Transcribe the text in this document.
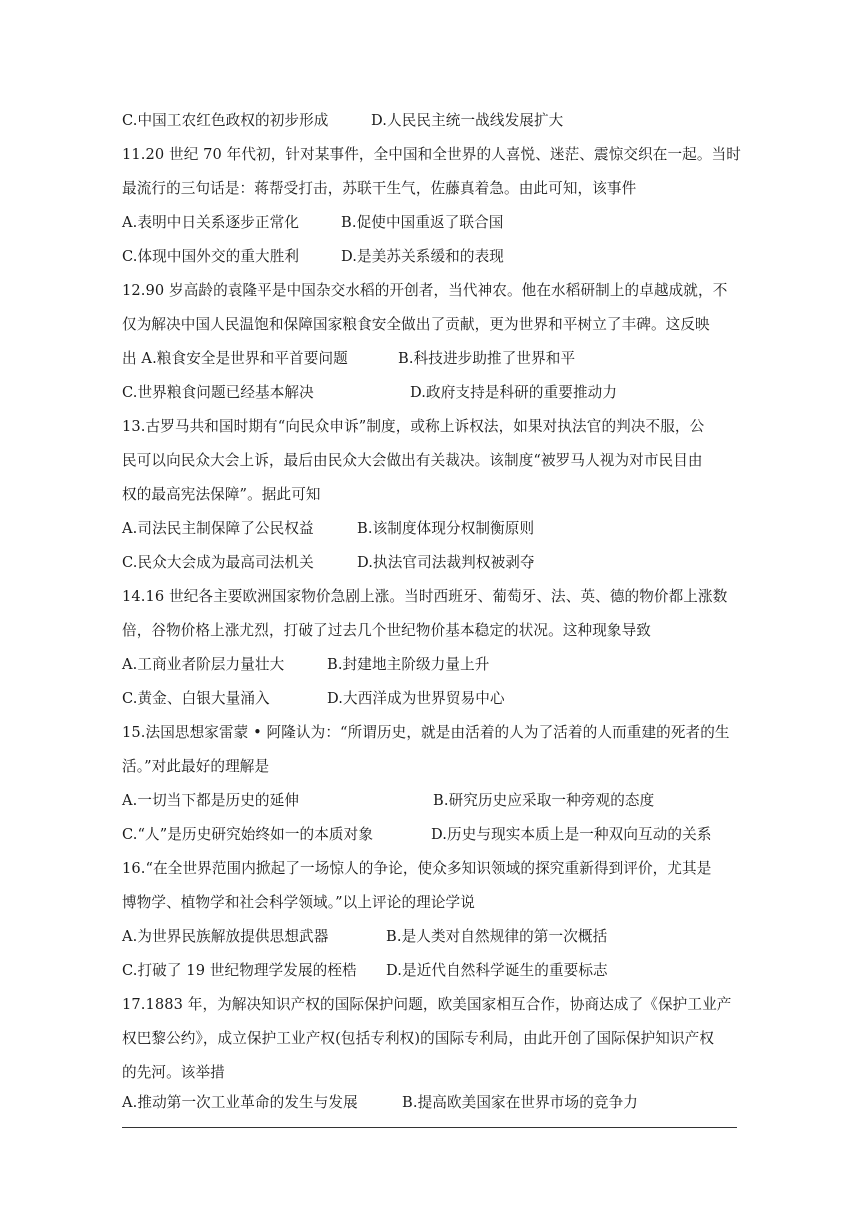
C.中国工农红色政权的初步形成	D.人民民主统一战线发展扩大
11.20 世纪 70 年代初，针对某事件，全中国和全世界的人喜悦、迷茫、震惊交织在一起。当时
最流行的三句话是：蒋帮受打击，苏联干生气，佐藤真着急。由此可知，该事件
A.表明中日关系逐步正常化	B.促使中国重返了联合国
C.体现中国外交的重大胜利	D.是美苏关系缓和的表现
12.90 岁高龄的袁隆平是中国杂交水稻的开创者，当代神农。他在水稻研制上的卓越成就，不
仅为解决中国人民温饱和保障国家粮食安全做出了贡献，更为世界和平树立了丰碑。这反映
出 A.粮食安全是世界和平首要问题	B.科技进步助推了世界和平
C.世界粮食问题已经基本解决	D.政府支持是科研的重要推动力
13.古罗马共和国时期有“向民众申诉”制度，或称上诉权法，如果对执法官的判决不服，公
民可以向民众大会上诉，最后由民众大会做出有关裁决。该制度“被罗马人视为对市民目由
权的最高宪法保障”。据此可知
A.司法民主制保障了公民权益	B.该制度体现分权制衡原则
C.民众大会成为最高司法机关	D.执法官司法裁判权被剥夺
14.16 世纪各主要欧洲国家物价急剧上涨。当时西班牙、葡萄牙、法、英、德的物价都上涨数
倍，谷物价格上涨尤烈，打破了过去几个世纪物价基本稳定的状况。这种现象导致
A.工商业者阶层力量壮大	B.封建地主阶级力量上升
C.黄金、白银大量涌入	D.大西洋成为世界贸易中心
15.法国思想家雷蒙 • 阿隆认为：“所谓历史，就是由活着的人为了活着的人而重建的死者的生
活。”对此最好的理解是
A.一切当下都是历史的延伸	B.研究历史应采取一种旁观的态度
C.“人”是历史研究始终如一的本质对象	D.历史与现实本质上是一种双向互动的关系
16.“在全世界范围内掀起了一场惊人的争论，使众多知识领域的探究重新得到评价，尤其是
博物学、植物学和社会科学领域。”以上评论的理论学说
A.为世界民族解放提供思想武器	B.是人类对自然规律的第一次概括
C.打破了 19 世纪物理学发展的桎梏 D.是近代自然科学诞生的重要标志
17.1883 年，为解决知识产权的国际保护问题，欧美国家相互合作，协商达成了《保护工业产
权巴黎公约》，成立保护工业产权(包括专利权)的国际专利局，由此开创了国际保护知识产权
的先河。该举措
A.推动第一次工业革命的发生与发展	B.提高欧美国家在世界市场的竞争力
